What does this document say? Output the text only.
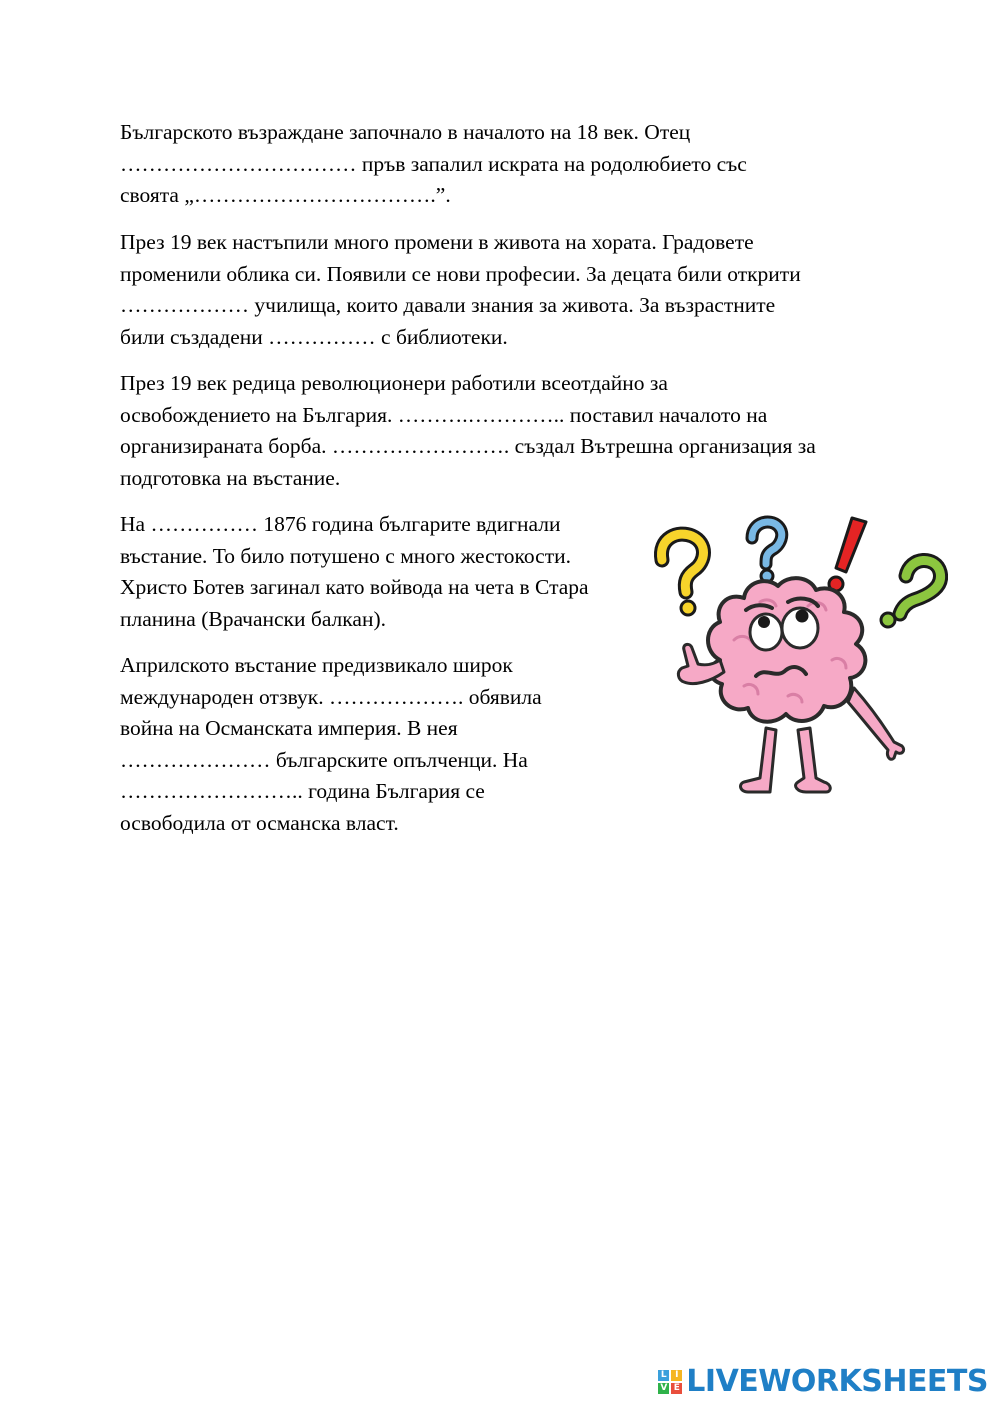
Българското възраждане започнало в началото на 18 век. Отец
…………………………… пръв запалил искрата на родолюбието със
своята „…………………………….”.

През 19 век настъпили много промени в живота на хората. Градовете
променили облика си. Появили се нови професии. За децата били открити
……………… училища, които давали знания за живота. За възрастните
били създадени …………… с библиотеки.

През 19 век редица революционери работили всеотдайно за
освобождението на България. ……….………….. поставил началото на
организираната борба. ……………………. създал Вътрешна организация за
подготовка на въстание.

На …………… 1876 година българите вдигнали
въстание. То било потушено с много жестокости.
Христо Ботев загинал като войвода на чета в Стара
планина (Врачански балкан).

Априлското въстание предизвикало широк
международен отзвук. ………………. обявила
война на Османската империя. В нея
………………… българските опълченци. На
…………………….. година България се
освободила от османска власт.

L I
V E LIVEWORKSHEETS
